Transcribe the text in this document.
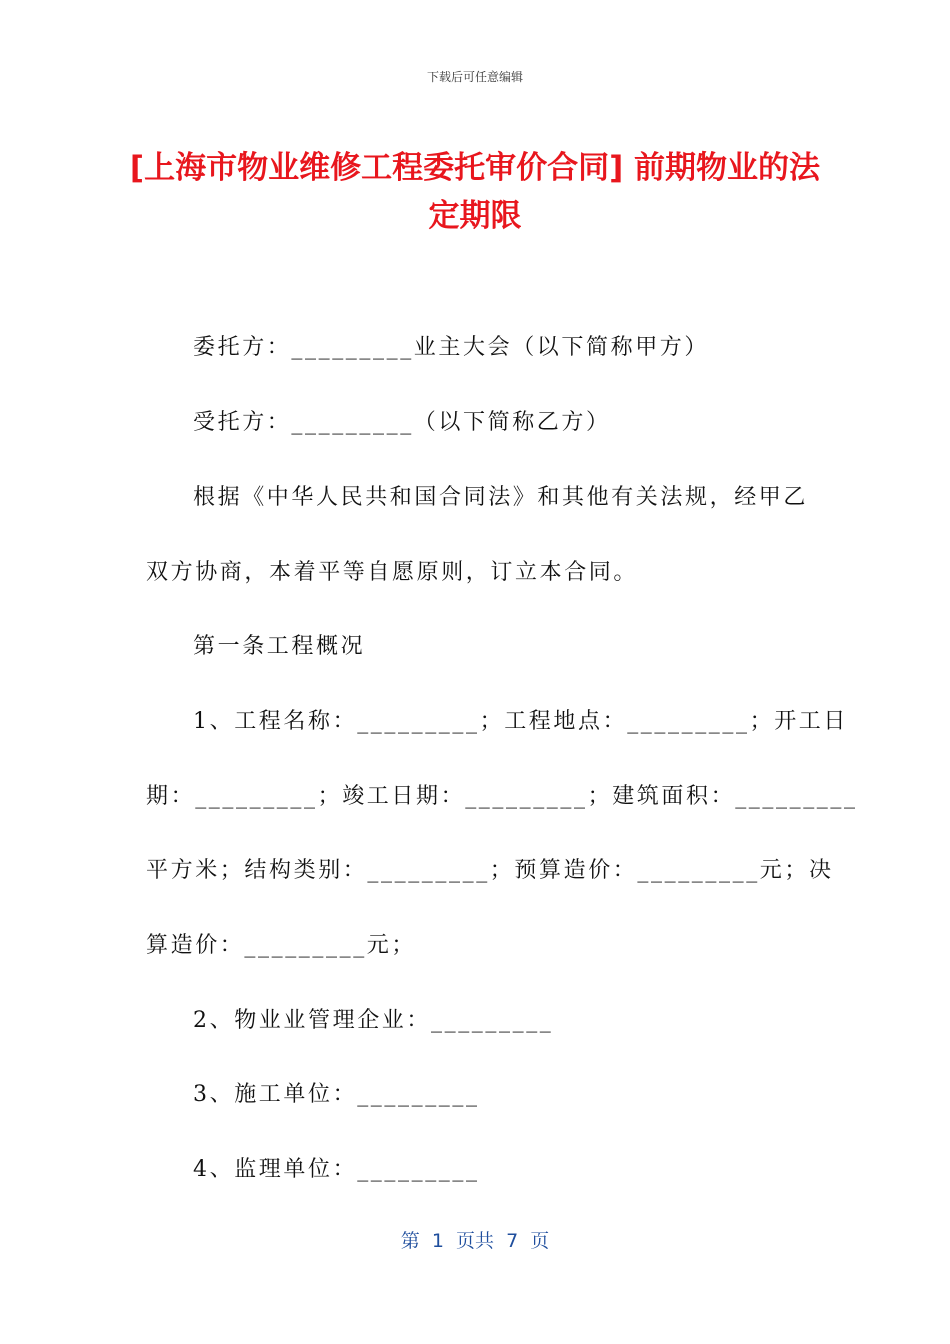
下载后可任意编辑
[上海市物业维修工程委托审价合同] 前期物业的法定期限
委托方：_________业主大会（以下简称甲方）
受托方：_________（以下简称乙方）
根据《中华人民共和国合同法》和其他有关法规，经甲乙
双方协商，本着平等自愿原则，订立本合同。
第一条工程概况
1、工程名称：_________；工程地点：_________；开工日
期：_________；竣工日期：_________；建筑面积：_________
平方米；结构类别：_________；预算造价：_________元；决
算造价：_________元；
2、物业业管理企业：_________
3、施工单位：_________
4、监理单位：_________
第  1  页共  7  页
